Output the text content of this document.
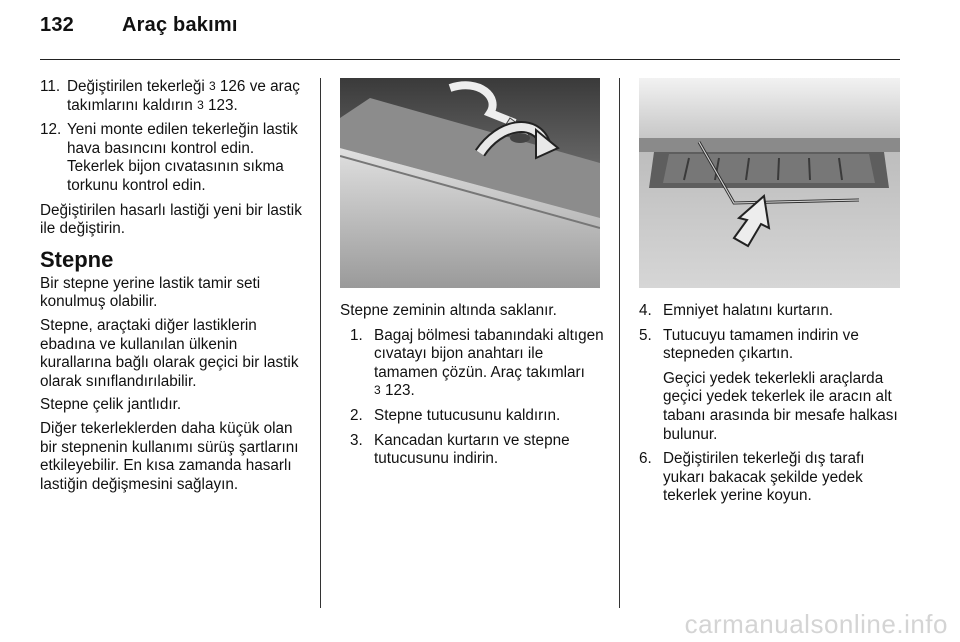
132 Araç bakımı
11. Değiştirilen tekerleği 3 126 ve araç takımlarını kaldırın 3 123.
12. Yeni monte edilen tekerleğin lastik hava basıncını kontrol edin. Tekerlek bijon cıvatasının sıkma torkunu kontrol edin.

Değiştirilen hasarlı lastiği yeni bir lastik ile değiştirin.

Stepne

Bir stepne yerine lastik tamir seti konulmuş olabilir.

Stepne, araçtaki diğer lastiklerin ebadına ve kullanılan ülkenin kurallarına bağlı olarak geçici bir lastik olarak sınıflandırılabilir.

Stepne çelik jantlıdır.

Diğer tekerleklerden daha küçük olan bir stepnenin kullanımı sürüş şartlarını etkileyebilir. En kısa zamanda hasarlı lastiğin değişmesini sağlayın.

Stepne zeminin altında saklanır.

1. Bagaj bölmesi tabanındaki altıgen cıvatayı bijon anahtarı ile tamamen çözün. Araç takımları
3 123.
2. Stepne tutucusunu kaldırın.
3. Kancadan kurtarın ve stepne tutucusunu indirin.
4. Emniyet halatını kurtarın.
5. Tutucuyu tamamen indirin ve stepneden çıkartın.
Geçici yedek tekerlekli araçlarda geçici yedek tekerlek ile aracın alt tabanı arasında bir mesafe halkası bulunur.
6. Değiştirilen tekerleği dış tarafı yukarı bakacak şekilde yedek tekerlek yerine koyun.
carmanualsonline.info
